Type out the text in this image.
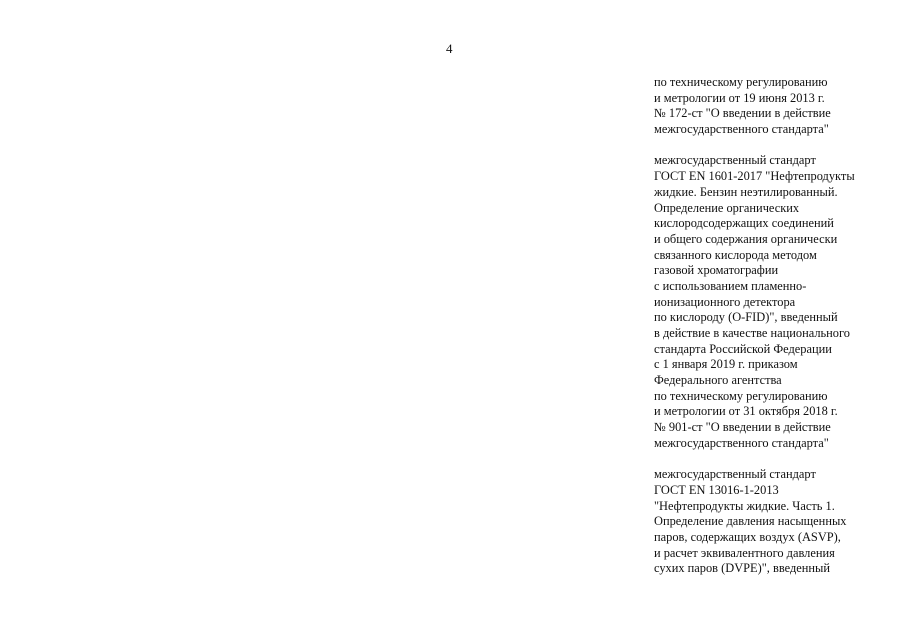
4
по техническому регулированию
и метрологии от 19 июня 2013 г.
№ 172-ст "О введении в действие
межгосударственного стандарта"
межгосударственный стандарт
ГОСТ EN 1601-2017 "Нефтепродукты
жидкие. Бензин неэтилированный.
Определение органических
кислородсодержащих соединений
и общего содержания органически
связанного кислорода методом
газовой хроматографии
с использованием пламенно-
ионизационного детектора
по кислороду (O-FID)", введенный
в действие в качестве национального
стандарта Российской Федерации
с 1 января 2019 г. приказом
Федерального агентства
по техническому регулированию
и метрологии от 31 октября 2018 г.
№ 901-ст "О введении в действие
межгосударственного стандарта"
межгосударственный стандарт
ГОСТ EN 13016-1-2013
"Нефтепродукты жидкие. Часть 1.
Определение давления насыщенных
паров, содержащих воздух (ASVP),
и расчет эквивалентного давления
сухих паров (DVPE)", введенный
